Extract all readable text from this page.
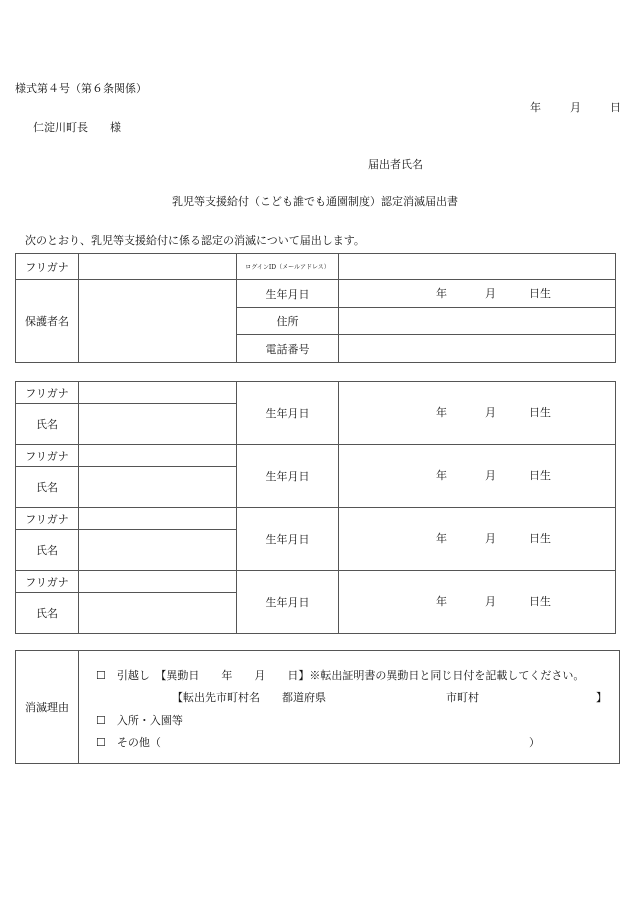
様式第４号（第６条関係）
年	月	日
仁淀川町長　　様
届出者氏名
乳児等支援給付（こども誰でも通園制度）認定消滅届出書
次のとおり、乳児等支援給付に係る認定の消滅について届出します。
フリガナ		ログインID（メールアドレス）	
保護者名		生年月日	年 月 日生

		住所	
		電話番号	
フリガナ		生年月日	年 月 日生

氏名			
フリガナ		生年月日	年 月 日生

氏名			
フリガナ		生年月日	年 月 日生

氏名			
フリガナ		生年月日	年 月 日生

氏名			
消滅理由	
☐　引越し　【異動日　　年　　月　　日】※転出証明書の異動日と同じ日付を記載してください。
【転出先市町村名　　都道府県	市町村	】
☐　入所・入園等
☐　その他（	）
